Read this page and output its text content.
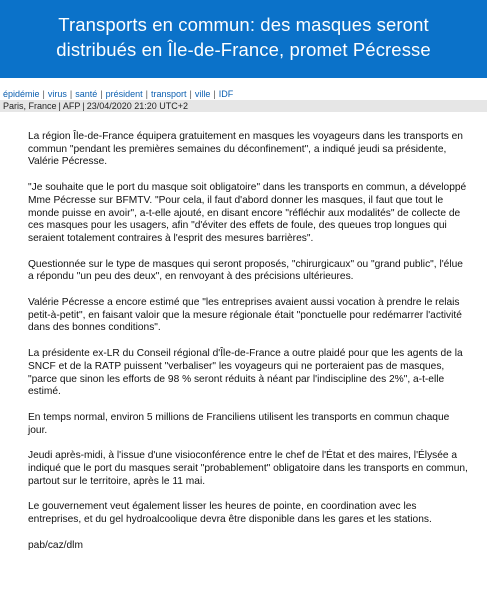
Transports en commun: des masques seront
distribués en Île-de-France, promet Pécresse
épidémie | virus | santé | président | transport | ville | IDF
Paris, France | AFP | 23/04/2020 21:20 UTC+2

La région Île-de-France équipera gratuitement en masques les voyageurs dans les transports en commun "pendant les premières semaines du déconfinement", a indiqué jeudi sa présidente, Valérie Pécresse.

"Je souhaite que le port du masque soit obligatoire" dans les transports en commun, a développé Mme Pécresse sur BFMTV. "Pour cela, il faut d'abord donner les masques, il faut que tout le monde puisse en avoir", a-t-elle ajouté, en disant encore "réfléchir aux modalités" de collecte de ces masques pour les usagers, afin "d'éviter des effets de foule, des queues trop longues qui seraient totalement contraires à l'esprit des mesures barrières".

Questionnée sur le type de masques qui seront proposés, "chirurgicaux" ou "grand public", l'élue a répondu "un peu des deux", en renvoyant à des précisions ultérieures.

Valérie Pécresse a encore estimé que "les entreprises avaient aussi vocation à prendre le relais petit-à-petit", en faisant valoir que la mesure régionale était "ponctuelle pour redémarrer l'activité dans des bonnes conditions".

La présidente ex-LR du Conseil régional d'Île-de-France a outre plaidé pour que les agents de la SNCF et de la RATP puissent "verbaliser" les voyageurs qui ne porteraient pas de masques, "parce que sinon les efforts de 98 % seront réduits à néant par l'indiscipline des 2%", a-t-elle estimé.

En temps normal, environ 5 millions de Franciliens utilisent les transports en commun chaque jour.

Jeudi après-midi, à l'issue d'une visioconférence entre le chef de l'État et des maires, l'Élysée a indiqué que le port du masques serait "probablement" obligatoire dans les transports en commun, partout sur le territoire, après le 11 mai.

Le gouvernement veut également lisser les heures de pointe, en coordination avec les entreprises, et du gel hydroalcoolique devra être disponible dans les gares et les stations.

pab/caz/dlm
